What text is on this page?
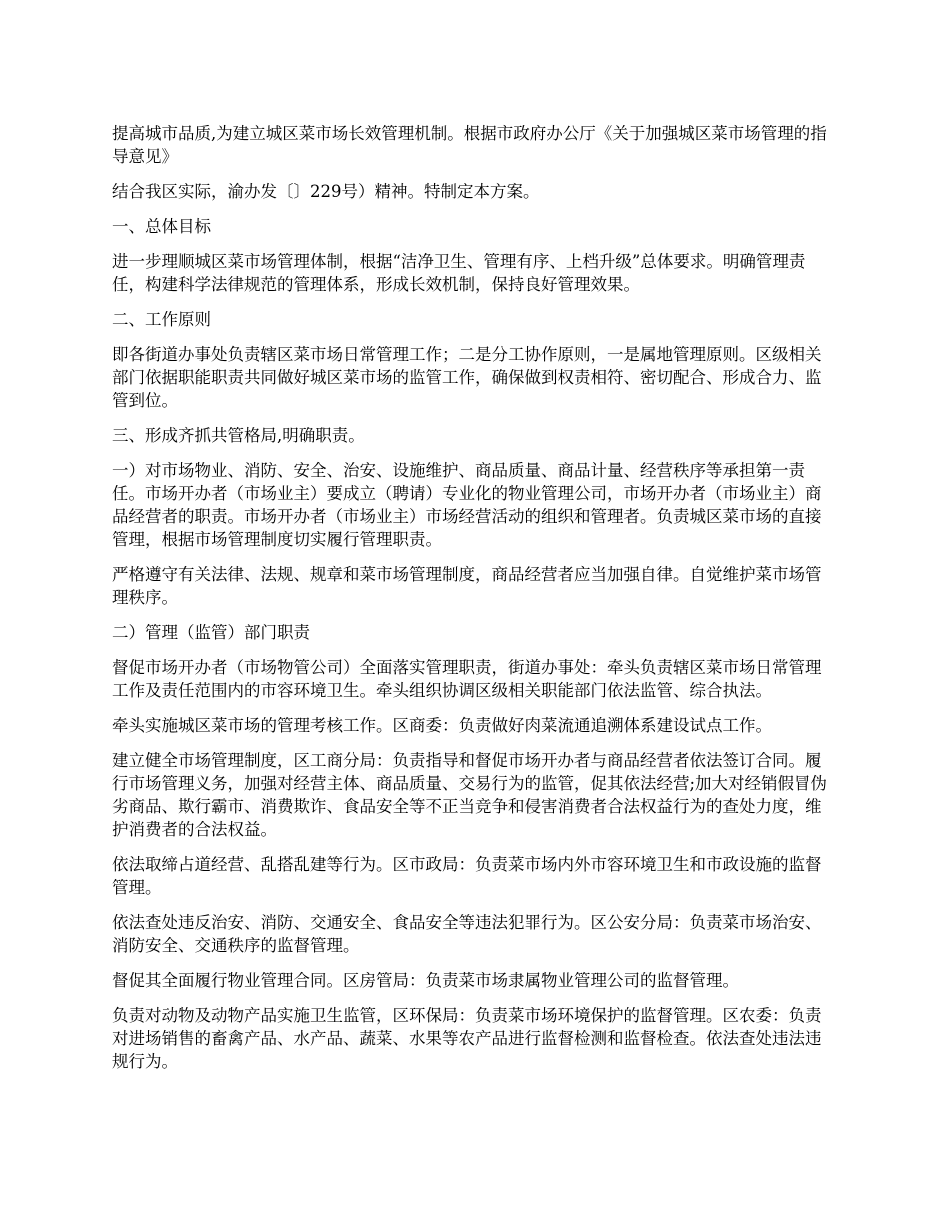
提高城市品质,为建立城区菜市场长效管理机制。根据市政府办公厅《关于加强城区菜市场管理的指导意见》

结合我区实际，渝办发〔〕229号）精神。特制定本方案。

一、总体目标

进一步理顺城区菜市场管理体制，根据“洁净卫生、管理有序、上档升级”总体要求。明确管理责任，构建科学法律规范的管理体系，形成长效机制，保持良好管理效果。

二、工作原则

即各街道办事处负责辖区菜市场日常管理工作；二是分工协作原则，一是属地管理原则。区级相关部门依据职能职责共同做好城区菜市场的监管工作，确保做到权责相符、密切配合、形成合力、监管到位。

三、形成齐抓共管格局,明确职责。

一）对市场物业、消防、安全、治安、设施维护、商品质量、商品计量、经营秩序等承担第一责任。市场开办者（市场业主）要成立（聘请）专业化的物业管理公司，市场开办者（市场业主）商品经营者的职责。市场开办者（市场业主）市场经营活动的组织和管理者。负责城区菜市场的直接管理，根据市场管理制度切实履行管理职责。

严格遵守有关法律、法规、规章和菜市场管理制度，商品经营者应当加强自律。自觉维护菜市场管理秩序。

二）管理（监管）部门职责

督促市场开办者（市场物管公司）全面落实管理职责，街道办事处：牵头负责辖区菜市场日常管理工作及责任范围内的市容环境卫生。牵头组织协调区级相关职能部门依法监管、综合执法。

牵头实施城区菜市场的管理考核工作。区商委：负责做好肉菜流通追溯体系建设试点工作。

建立健全市场管理制度，区工商分局：负责指导和督促市场开办者与商品经营者依法签订合同。履行市场管理义务，加强对经营主体、商品质量、交易行为的监管，促其依法经营;加大对经销假冒伪劣商品、欺行霸市、消费欺诈、食品安全等不正当竞争和侵害消费者合法权益行为的查处力度，维护消费者的合法权益。

依法取缔占道经营、乱搭乱建等行为。区市政局：负责菜市场内外市容环境卫生和市政设施的监督管理。

依法查处违反治安、消防、交通安全、食品安全等违法犯罪行为。区公安分局：负责菜市场治安、消防安全、交通秩序的监督管理。

督促其全面履行物业管理合同。区房管局：负责菜市场隶属物业管理公司的监督管理。

负责对动物及动物产品实施卫生监管，区环保局：负责菜市场环境保护的监督管理。区农委：负责对进场销售的畜禽产品、水产品、蔬菜、水果等农产品进行监督检测和监督检查。依法查处违法违规行为。
